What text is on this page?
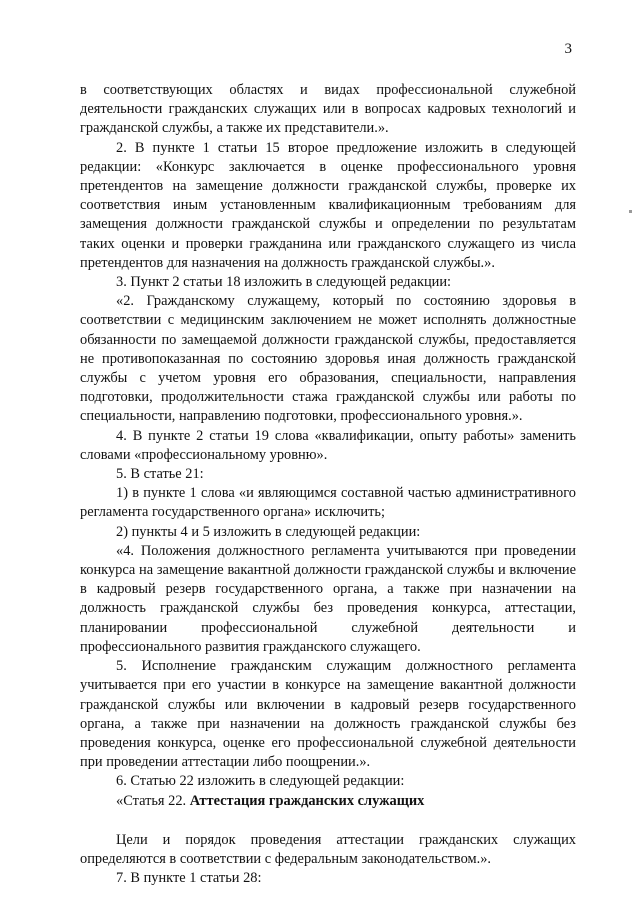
3

в соответствующих областях и видах профессиональной служебной деятельности гражданских служащих или в вопросах кадровых технологий и гражданской службы, а также их представители.».

2. В пункте 1 статьи 15 второе предложение изложить в следующей редакции: «Конкурс заключается в оценке профессионального уровня претендентов на замещение должности гражданской службы, проверке их соответствия иным установленным квалификационным требованиям для замещения должности гражданской службы и определении по результатам таких оценки и проверки гражданина или гражданского служащего из числа претендентов для назначения на должность гражданской службы.».

3. Пункт 2 статьи 18 изложить в следующей редакции:

«2. Гражданскому служащему, который по состоянию здоровья в соответствии с медицинским заключением не может исполнять должностные обязанности по замещаемой должности гражданской службы, предоставляется не противопоказанная по состоянию здоровья иная должность гражданской службы с учетом уровня его образования, специальности, направления подготовки, продолжительности стажа гражданской службы или работы по специальности, направлению подготовки, профессионального уровня.».

4. В пункте 2 статьи 19 слова «квалификации, опыту работы» заменить словами «профессиональному уровню».

5. В статье 21:

1) в пункте 1 слова «и являющимся составной частью административного регламента государственного органа» исключить;

2) пункты 4 и 5 изложить в следующей редакции:

«4. Положения должностного регламента учитываются при проведении конкурса на замещение вакантной должности гражданской службы и включение в кадровый резерв государственного органа, а также при назначении на должность гражданской службы без проведения конкурса, аттестации, планировании профессиональной служебной деятельности и профессионального развития гражданского служащего.

5. Исполнение гражданским служащим должностного регламента учитывается при его участии в конкурсе на замещение вакантной должности гражданской службы или включении в кадровый резерв государственного органа, а также при назначении на должность гражданской службы без проведения конкурса, оценке его профессиональной служебной деятельности при проведении аттестации либо поощрении.».

6. Статью 22 изложить в следующей редакции:

«Статья 22. Аттестация гражданских служащих

Цели и порядок проведения аттестации гражданских служащих определяются в соответствии с федеральным законодательством.».

7. В пункте 1 статьи 28:
